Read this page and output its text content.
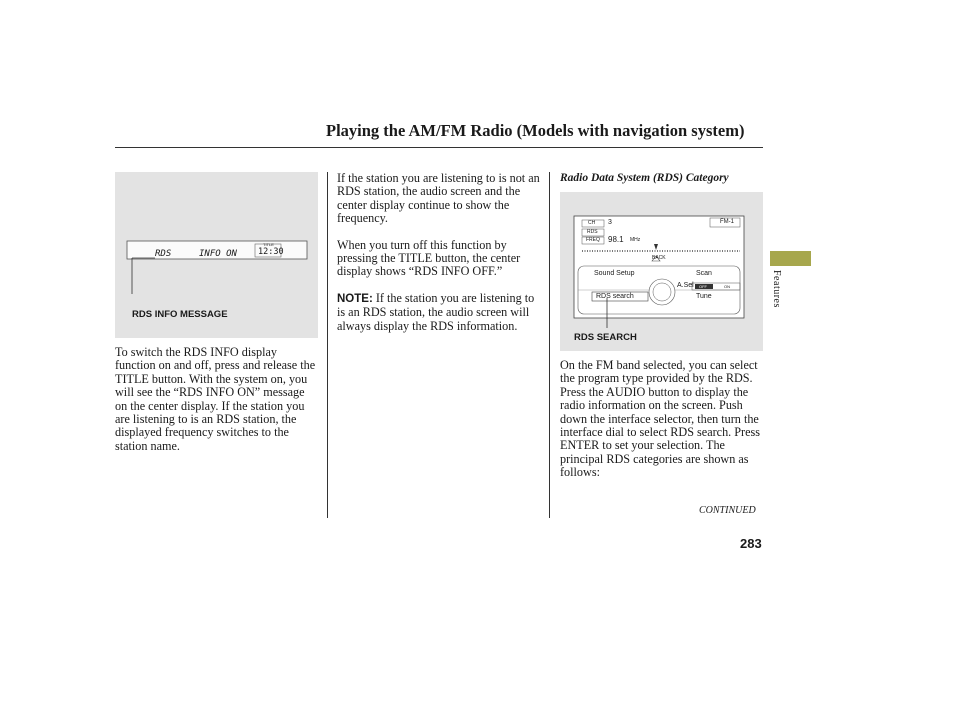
Playing the AM/FM Radio (Models with navigation system)
RDS	INFO ON
TITLE
12:30
RDS INFO MESSAGE
To switch the RDS INFO display function on and off, press and release the TITLE button. With the system on, you will see the “RDS INFO ON” message on the center display. If the station you are listening to is an RDS station, the displayed frequency switches to the station name.

If the station you are listening to is not an RDS station, the audio screen and the center display continue to show the frequency.

When you turn off this function by pressing the TITLE button, the center display shows “RDS INFO OFF.”

NOTE: If the station you are listening to is an RDS station, the audio screen will always display the RDS information.

Radio Data System (RDS) Category
CH
RDS
FREQ
3	FM-1
98.1 MHz
BACK
Sound Setup	Scan
A.Sel OFF	ON
RDS search	Tune
RDS SEARCH
On the FM band selected, you can select the program type provided by the RDS. Press the AUDIO button to display the radio information on the screen. Push down the interface selector, then turn the interface dial to select RDS search. Press ENTER to set your selection. The principal RDS categories are shown as follows:
Features
CONTINUED
283
